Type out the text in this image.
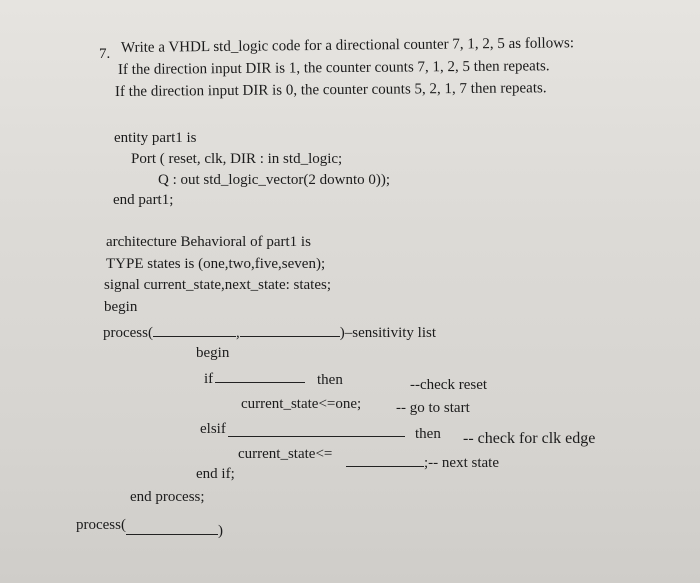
7. Write a VHDL std_logic code for a directional counter 7, 1, 2, 5 as follows:
If the direction input DIR is 1, the counter counts 7, 1, 2, 5 then repeats.
If the direction input DIR is 0, the counter counts 5, 2, 1, 7 then repeats.
entity part1 is
Port ( reset, clk, DIR : in std_logic;
Q : out std_logic_vector(2 downto 0));
end part1;
architecture Behavioral of part1 is
TYPE states is (one,two,five,seven);
signal current_state,next_state: states;
begin
process(	,	)–sensitivity list
begin
if	then	--check reset
current_state<=one; -- go to start
elsif	then -- check for clk edge
current_state<=
;-- next state
end if;
end process;
process(	)
